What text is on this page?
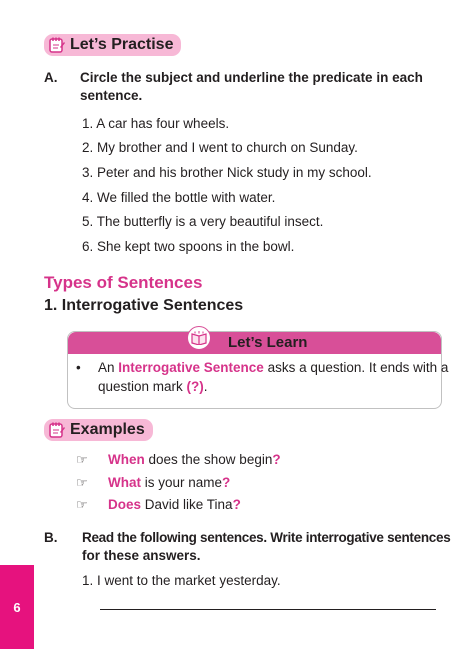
Let’s Practise
A. Circle the subject and underline the predicate in each
sentence.
1. A car has four wheels.
2. My brother and I went to church on Sunday.
3. Peter and his brother Nick study in my school.
4. We filled the bottle with water.
5. The butterfly is a very beautiful insect.
6. She kept two spoons in the bowl.
Types of Sentences
1. Interrogative Sentences
Let’s Learn
• An Interrogative Sentence asks a question. It ends with a
question mark (?).
Examples
☞ When does the show begin?
☞ What is your name?
☞ Does David like Tina?
B. Read the following sentences. Write interrogative sentences
for these answers.
1. I went to the market yesterday.
6
